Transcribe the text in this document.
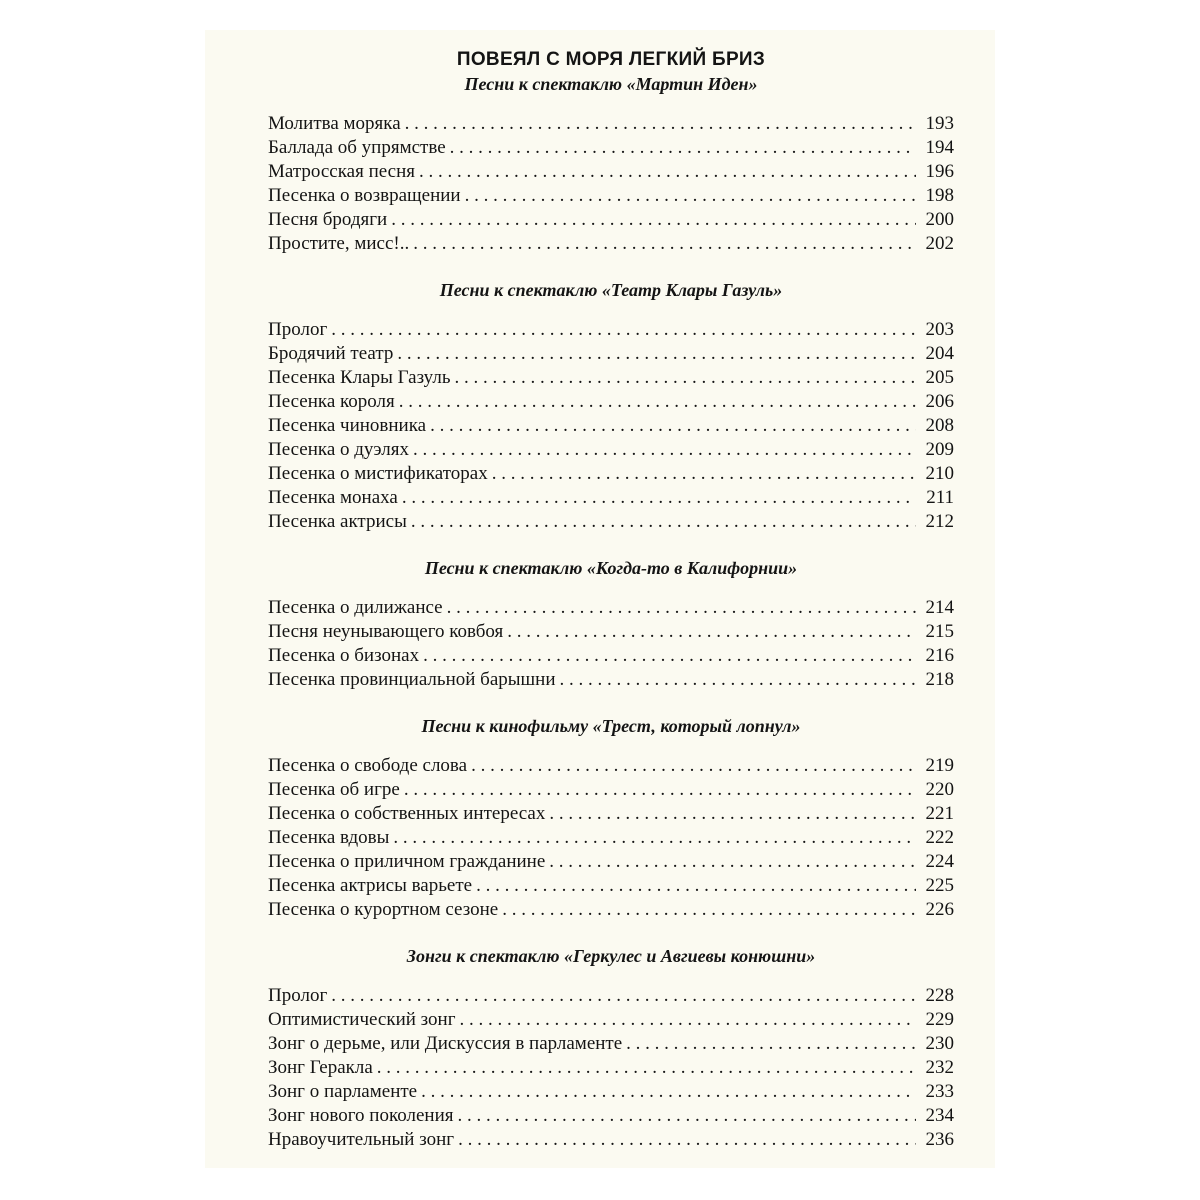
ПОВЕЯЛ С МОРЯ ЛЕГКИЙ БРИЗ
Песни к спектаклю «Мартин Иден»
Молитва моряка . . .	193
Баллада об упрямстве . . .	194
Матросская песня . . .	196
Песенка о возвращении . . .	198
Песня бродяги . . .	200
Простите, мисс!.. . . .	202
Песни к спектаклю «Театр Клары Газуль»
Пролог . . .	203
Бродячий театр . . .	204
Песенка Клары Газуль . . .	205
Песенка короля . . .	206
Песенка чиновника . . .	208
Песенка о дуэлях . . .	209
Песенка о мистификаторах . . .	210
Песенка монаха . . .	211
Песенка актрисы . . .	212
Песни к спектаклю «Когда-то в Калифорнии»
Песенка о дилижансе . . .	214
Песня неунывающего ковбоя . . .	215
Песенка о бизонах . . .	216
Песенка провинциальной барышни . . .	218
Песни к кинофильму «Трест, который лопнул»
Песенка о свободе слова . . .	219
Песенка об игре . . .	220
Песенка о собственных интересах . . .	221
Песенка вдовы . . .	222
Песенка о приличном гражданине . . .	224
Песенка актрисы варьете . . .	225
Песенка о курортном сезоне . . .	226
Зонги к спектаклю «Геркулес и Авгиевы конюшни»
Пролог . . .	228
Оптимистический зонг . . .	229
Зонг о дерьме, или Дискуссия в парламенте . . .	230
Зонг Геракла . . .	232
Зонг о парламенте . . .	233
Зонг нового поколения . . .	234
Нравоучительный зонг . . .	236
